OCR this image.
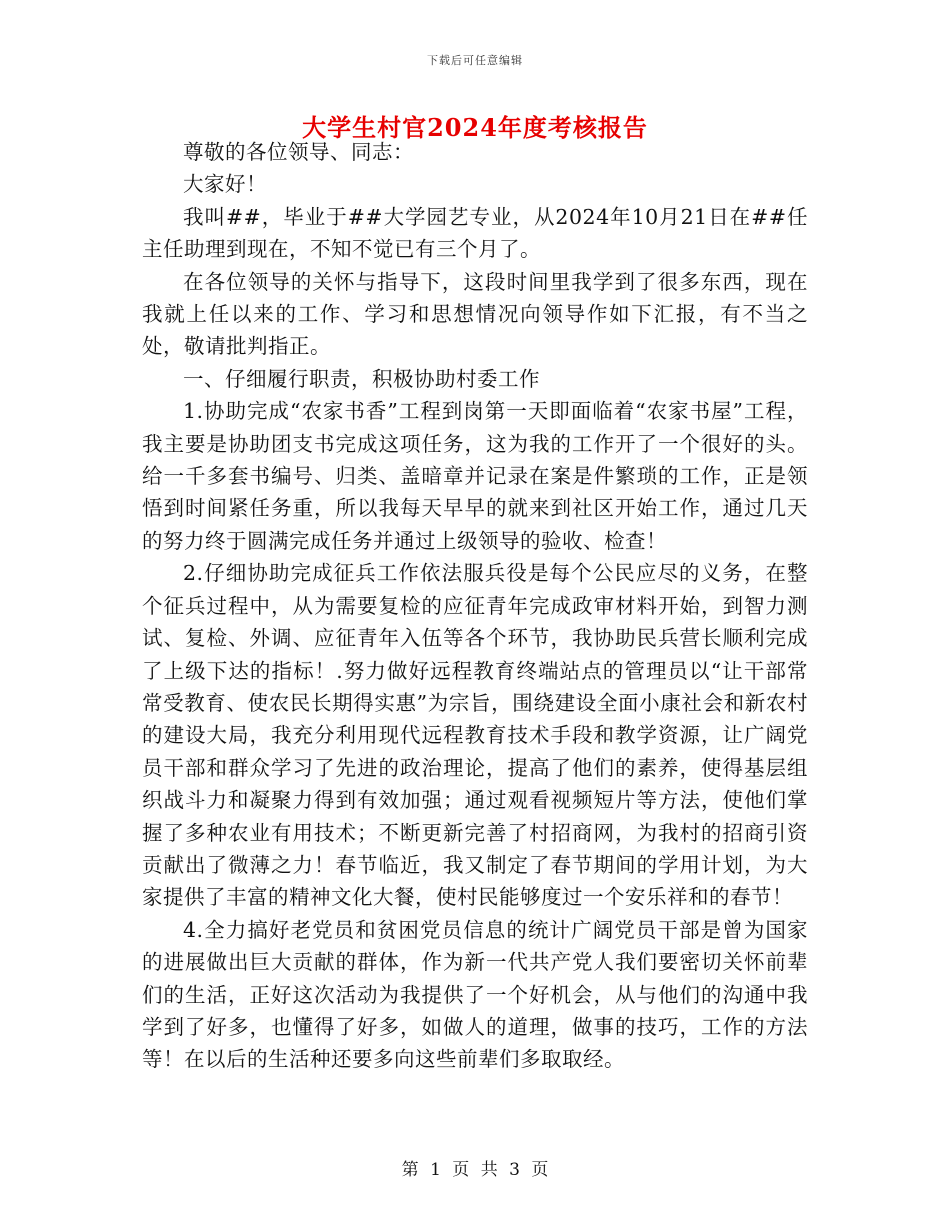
下载后可任意编辑
大学生村官2024年度考核报告

尊敬的各位领导、同志：

大家好！

我叫##，毕业于##大学园艺专业，从2024年10月21日在##任主任助理到现在，不知不觉已有三个月了。

在各位领导的关怀与指导下，这段时间里我学到了很多东西，现在我就上任以来的工作、学习和思想情况向领导作如下汇报，有不当之处，敬请批判指正。

一、仔细履行职责，积极协助村委工作

1.协助完成“农家书香”工程到岗第一天即面临着“农家书屋”工程，我主要是协助团支书完成这项任务，这为我的工作开了一个很好的头。给一千多套书编号、归类、盖暗章并记录在案是件繁琐的工作，正是领悟到时间紧任务重，所以我每天早早的就来到社区开始工作，通过几天的努力终于圆满完成任务并通过上级领导的验收、检查！

2.仔细协助完成征兵工作依法服兵役是每个公民应尽的义务，在整个征兵过程中，从为需要复检的应征青年完成政审材料开始，到智力测试、复检、外调、应征青年入伍等各个环节，我协助民兵营长顺利完成了上级下达的指标！.努力做好远程教育终端站点的管理员以“让干部常常受教育、使农民长期得实惠”为宗旨，围绕建设全面小康社会和新农村的建设大局，我充分利用现代远程教育技术手段和教学资源，让广阔党员干部和群众学习了先进的政治理论，提高了他们的素养，使得基层组织战斗力和凝聚力得到有效加强；通过观看视频短片等方法，使他们掌握了多种农业有用技术；不断更新完善了村招商网，为我村的招商引资贡献出了微薄之力！春节临近，我又制定了春节期间的学用计划，为大家提供了丰富的精神文化大餐，使村民能够度过一个安乐祥和的春节！

4.全力搞好老党员和贫困党员信息的统计广阔党员干部是曾为国家的进展做出巨大贡献的群体，作为新一代共产党人我们要密切关怀前辈们的生活，正好这次活动为我提供了一个好机会，从与他们的沟通中我学到了好多，也懂得了好多，如做人的道理，做事的技巧，工作的方法等！在以后的生活种还要多向这些前辈们多取取经。

第 1 页 共 3 页
